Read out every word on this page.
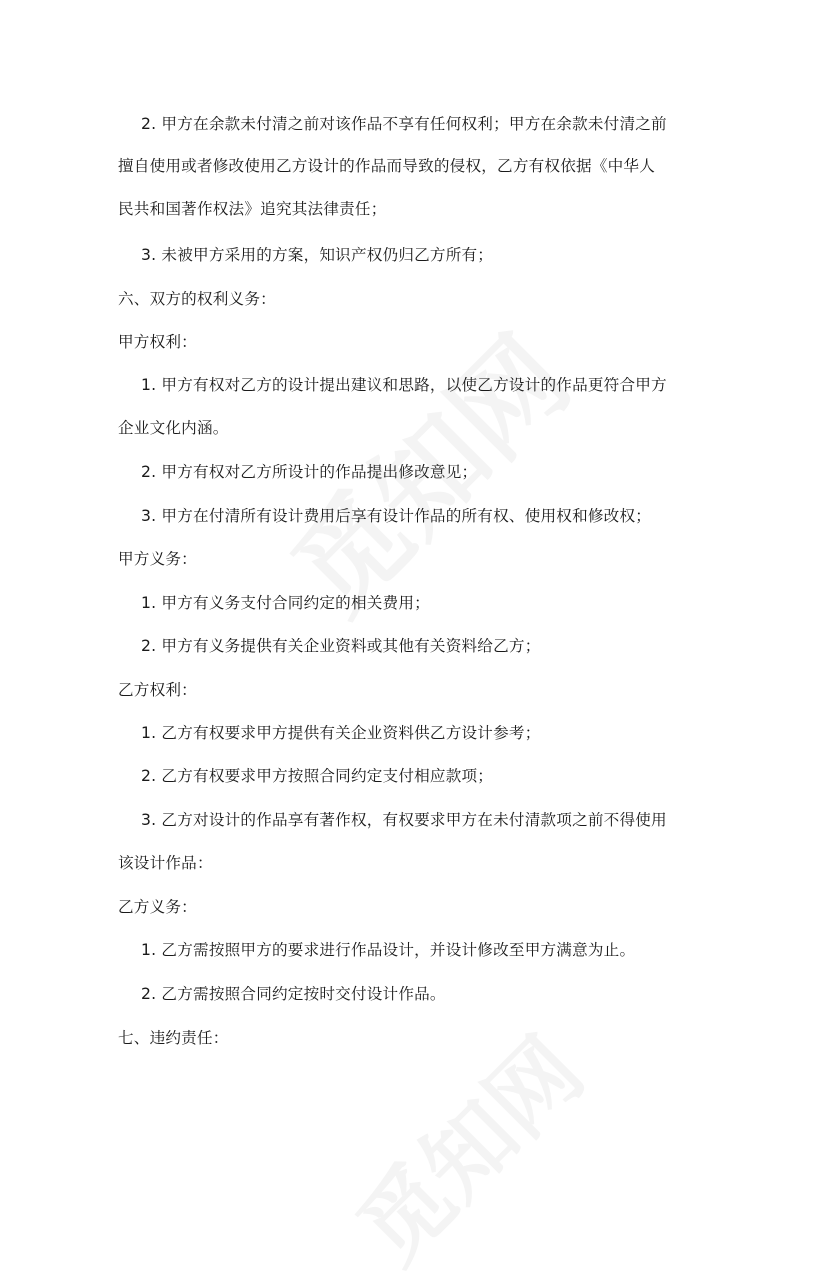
2. 甲方在余款未付清之前对该作品不享有任何权利；甲方在余款未付清之前
擅自使用或者修改使用乙方设计的作品而导致的侵权，乙方有权依据《中华人
民共和国著作权法》追究其法律责任；
3. 未被甲方采用的方案，知识产权仍归乙方所有；
六、双方的权利义务：
甲方权利：
1. 甲方有权对乙方的设计提出建议和思路，以使乙方设计的作品更符合甲方
企业文化内涵。
2. 甲方有权对乙方所设计的作品提出修改意见；
3. 甲方在付清所有设计费用后享有设计作品的所有权、使用权和修改权；
甲方义务：
1. 甲方有义务支付合同约定的相关费用；
2. 甲方有义务提供有关企业资料或其他有关资料给乙方；
乙方权利：
1. 乙方有权要求甲方提供有关企业资料供乙方设计参考；
2. 乙方有权要求甲方按照合同约定支付相应款项；
3. 乙方对设计的作品享有著作权，有权要求甲方在未付清款项之前不得使用
该设计作品：
乙方义务：
1. 乙方需按照甲方的要求进行作品设计，并设计修改至甲方满意为止。
2. 乙方需按照合同约定按时交付设计作品。
七、违约责任：
